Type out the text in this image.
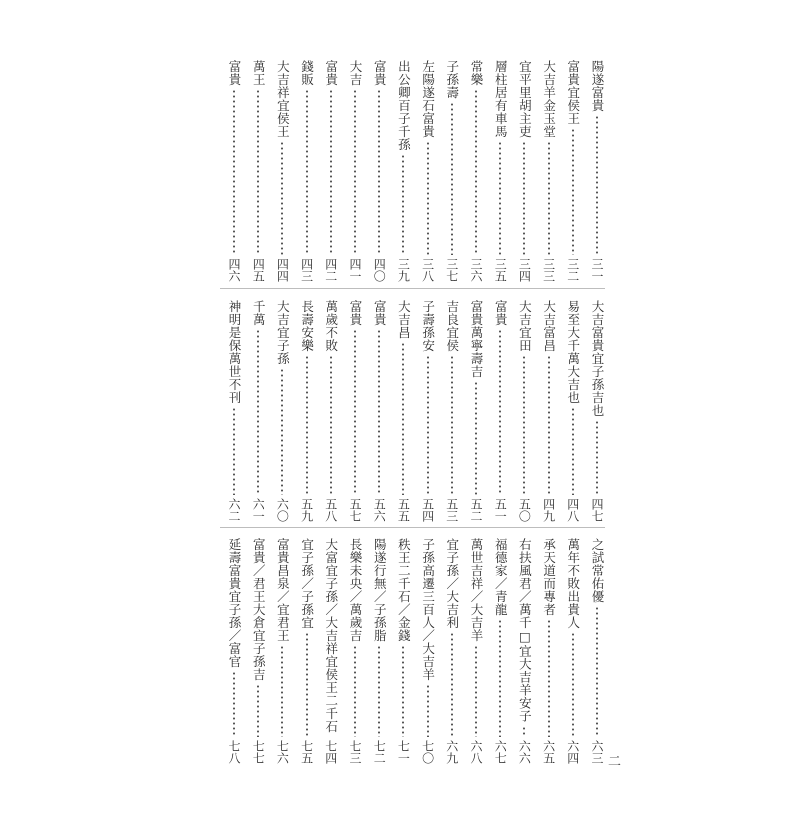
陽遂富貴
三一
富貴宜侯王
三二
大吉羊金玉堂
三三
宜平里胡主吏
三四
層柱居有車馬
三五
常樂
三六
子孫壽
三七
左陽遂石富貴
三八
出公卿百子千孫
三九
富貴
四〇
大吉
四一
富貴
四二
錢販
四三
大吉祥宜侯王
四四
萬王
四五
富貴
四六
大吉富貴宜子孫吉也
四七
易至大千萬大吉也
四八
大吉富昌
四九
大吉宜田
五〇
富貴
五一
富貴萬寧壽吉
五二
吉良宜侯
五三
子壽孫安
五四
大吉昌
五五
富貴
五六
富貴
五七
萬歲不敗
五八
長壽安樂
五九
大吉宜子孫
六〇
千萬
六一
神明是保萬世不刊
六二
之試常佑優
六三
萬年不敗出貴人
六四
承天道而專者
六五
右扶風君／萬千□宜大吉羊安子
六六
福德家／青龍
六七
萬世吉祥／大吉羊
六八
宜子孫／大吉利
六九
子孫高遷三百人／大吉羊
七〇
秩王二千石／金錢
七一
陽遂行無／子孫脂
七二
長樂未央／萬歲吉
七三
大富宜子孫／大吉祥宜侯王二千石
七四
宜子孫／子孫宜
七五
富貴昌泉／宜君王
七六
富貴／君王大倉宜子孫吉
七七
延壽富貴宜子孫／富官
七八	二
